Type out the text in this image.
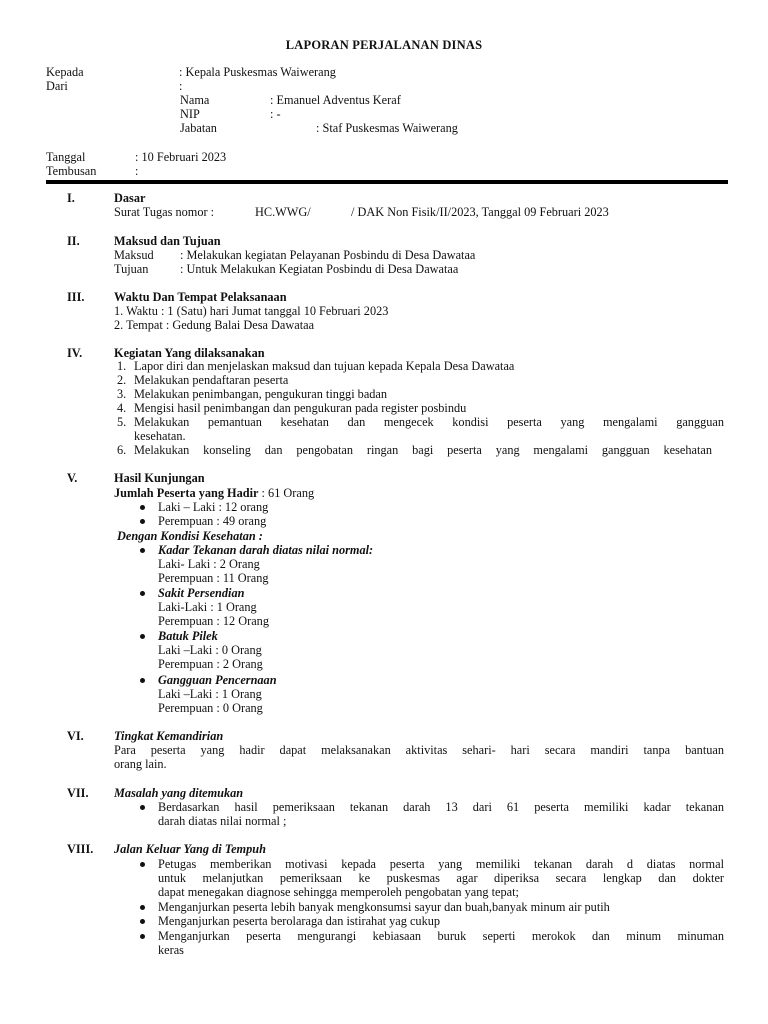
LAPORAN PERJALANAN DINAS
Kepada	: Kepala Puskesmas Waiwerang
Dari	:
Nama	: Emanuel Adventus Keraf
NIP	: -
Jabatan	: Staf Puskesmas Waiwerang
Tanggal	: 10 Februari 2023
Tembusan	:
I.	Dasar
Surat Tugas nomor :	HC.WWG/	/ DAK Non Fisik/II/2023, Tanggal 09 Februari 2023
II.	Maksud dan Tujuan
Maksud : Melakukan kegiatan Pelayanan Posbindu di Desa Dawataa
Tujuan	: Untuk Melakukan Kegiatan Posbindu di Desa Dawataa
III. Waktu Dan Tempat Pelaksanaan
1. Waktu : 1 (Satu) hari Jumat tanggal 10 Februari 2023
2. Tempat : Gedung Balai Desa Dawataa
IV.	Kegiatan Yang dilaksanakan
1. Lapor diri dan menjelaskan maksud dan tujuan kepada Kepala Desa Dawataa
2. Melakukan pendaftaran peserta
3. Melakukan penimbangan, pengukuran tinggi badan
4. Mengisi hasil penimbangan dan pengukuran pada register posbindu
5. Melakukan pemantuan kesehatan dan mengecek kondisi peserta yang mengalami gangguan
kesehatan.
6. Melakukan konseling dan pengobatan ringan bagi peserta yang mengalami gangguan kesehatan
V.	Hasil Kunjungan
Jumlah Peserta yang Hadir : 61 Orang
Laki – Laki : 12 orang
Perempuan : 49 orang
Dengan Kondisi Kesehatan :
Kadar Tekanan darah diatas nilai normal:
Laki- Laki : 2 Orang
Perempuan : 11 Orang
Sakit Persendian
Laki-Laki : 1 Orang
Perempuan : 12 Orang
Batuk Pilek
Laki –Laki : 0 Orang
Perempuan : 2 Orang
Gangguan Pencernaan
Laki –Laki : 1 Orang
Perempuan : 0 Orang
VI. Tingkat Kemandirian
Para peserta yang hadir dapat melaksanakan aktivitas sehari- hari secara mandiri tanpa bantuan
orang lain.
VII. Masalah yang ditemukan
Berdasarkan hasil pemeriksaan tekanan darah 13 dari 61 peserta memiliki kadar tekanan
darah diatas nilai normal ;
VIII. Jalan Keluar Yang di Tempuh
Petugas memberikan motivasi kepada peserta yang memiliki tekanan darah d diatas normal
untuk melanjutkan pemeriksaan ke puskesmas agar diperiksa secara lengkap dan dokter
dapat menegakan diagnose sehingga memperoleh pengobatan yang tepat;
Menganjurkan peserta lebih banyak mengkonsumsi sayur dan buah,banyak minum air putih
Menganjurkan peserta berolaraga dan istirahat yag cukup
Menganjurkan peserta mengurangi kebiasaan buruk seperti merokok dan minum minuman
keras
